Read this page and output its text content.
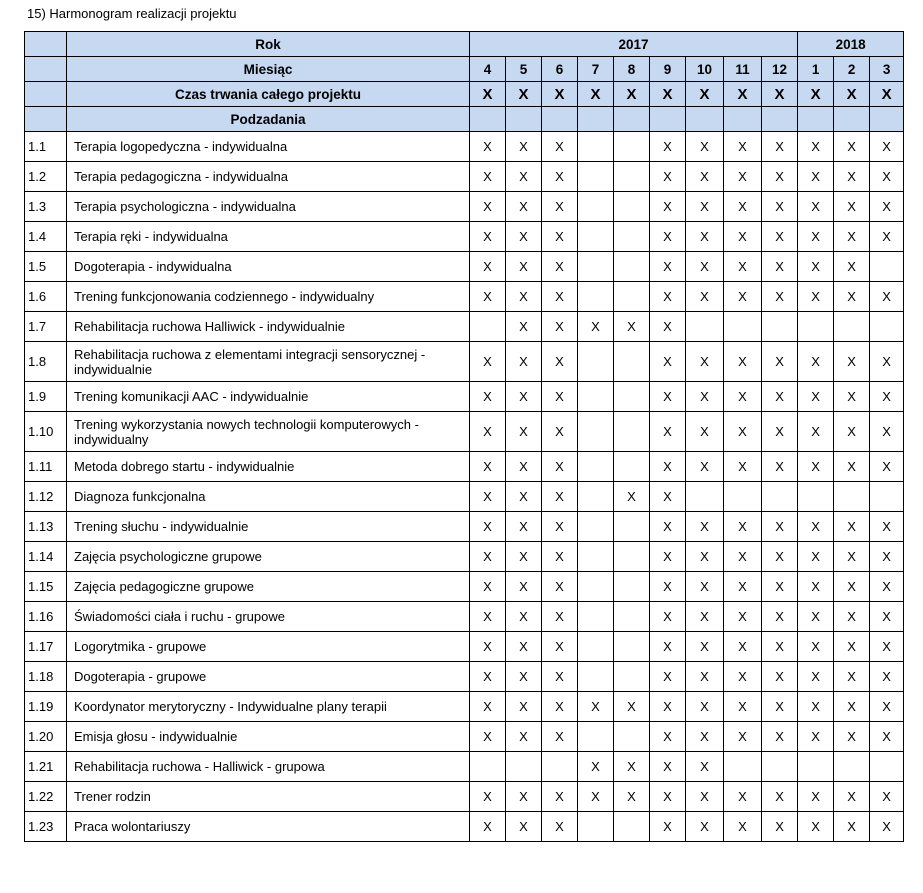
15) Harmonogram realizacji projektu
	Rok	2017									2018		
	Miesiąc	4	5	6	7	8	9	10	11	12	1	2	3
	Czas trwania całego projektu	X	X	X	X	X	X	X	X	X	X	X	X
	Podzadania												
1.1	Terapia logopedyczna - indywidualna	X	X	X			X	X	X	X	X	X	X
1.2	Terapia pedagogiczna - indywidualna	X	X	X			X	X	X	X	X	X	X
1.3	Terapia psychologiczna - indywidualna	X	X	X			X	X	X	X	X	X	X
1.4	Terapia ręki - indywidualna	X	X	X			X	X	X	X	X	X	X
1.5	Dogoterapia - indywidualna	X	X	X			X	X	X	X	X	X	
1.6	Trening funkcjonowania codziennego - indywidualny	X	X	X			X	X	X	X	X	X	X
1.7	Rehabilitacja ruchowa Halliwick - indywidualnie		X	X	X	X	X						
1.8	Rehabilitacja ruchowa z elementami integracji sensorycznej - indywidualnie	X	X	X			X	X	X	X	X	X	X
1.9	Trening komunikacji AAC - indywidualnie	X	X	X			X	X	X	X	X	X	X
1.10	Trening wykorzystania nowych technologii komputerowych - indywidualny	X	X	X			X	X	X	X	X	X	X
1.11	Metoda dobrego startu - indywidualnie	X	X	X			X	X	X	X	X	X	X
1.12	Diagnoza funkcjonalna	X	X	X		X	X						
1.13	Trening słuchu - indywidualnie	X	X	X			X	X	X	X	X	X	X
1.14	Zajęcia psychologiczne grupowe	X	X	X			X	X	X	X	X	X	X
1.15	Zajęcia pedagogiczne grupowe	X	X	X			X	X	X	X	X	X	X
1.16	Świadomości ciała i ruchu - grupowe	X	X	X			X	X	X	X	X	X	X
1.17	Logorytmika - grupowe	X	X	X			X	X	X	X	X	X	X
1.18	Dogoterapia - grupowe	X	X	X			X	X	X	X	X	X	X
1.19	Koordynator merytoryczny - Indywidualne plany terapii	X	X	X	X	X	X	X	X	X	X	X	X
1.20	Emisja głosu - indywidualnie	X	X	X			X	X	X	X	X	X	X
1.21	Rehabilitacja ruchowa - Halliwick - grupowa				X	X	X	X					
1.22	Trener rodzin	X	X	X	X	X	X	X	X	X	X	X	X
1.23	Praca wolontariuszy	X	X	X			X	X	X	X	X	X	X
